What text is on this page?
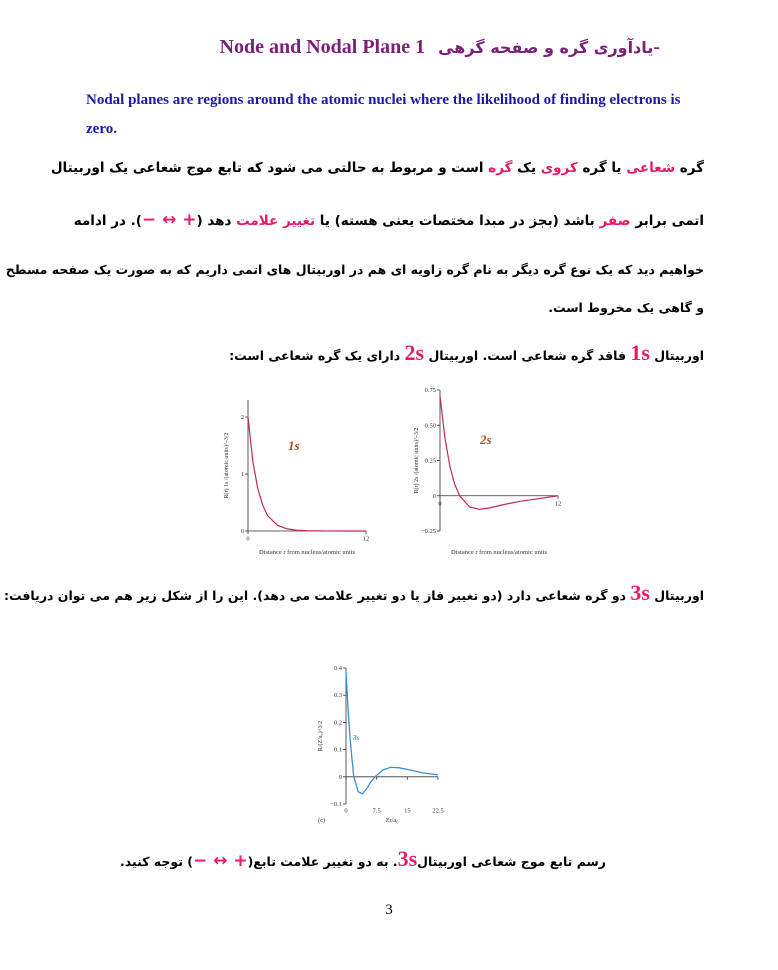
Node and Nodal Plane یادآوری گره و صفحه گرهی 1-
Nodal planes are regions around the atomic nuclei where the likelihood of finding electrons is zero.
گره شعاعی یا گره کروی یک گره است و مربوط به حالتی می شود که تابع موج شعاعی یک اوربیتال
اتمی برابر صفر باشد (بجز در مبدا مختصات یعنی هسته) یا تغییر علامت دهد (− ↔ +). در ادامه
خواهیم دید که یک نوع گره دیگر به نام گره زاویه ای هم در اوربیتال های اتمی داریم که به صورت یک صفحه مسطح
و گاهی یک مخروط است.
اوربیتال 1s فاقد گره شعاعی است. اوربیتال 2s دارای یک گره شعاعی است:
0
1
2
0	12
1s
Distance r from nucleus/atomic units
R(r) 1s /(atomic units)^-3/2
−0.25
0
0.25
0.50
0.75
0	12
2s
Distance r from nucleus/atomic units
R(r) 2s /(atomic units)^-3/2
اوربیتال 3s دو گره شعاعی دارد (دو تغییر فاز یا دو تغییر علامت می دهد). این را از شکل زیر هم می توان دریافت:
−0.1
0
0.1
0.2
0.3
0.4
0	7.5	15	22.5
3s
Zr/a₀
R/(Z/a₀)^3/2
(c)
رسم تابع موج شعاعی اوربیتال3s. به دو تغییر علامت تابع(− ↔ +) توجه کنید.
3
